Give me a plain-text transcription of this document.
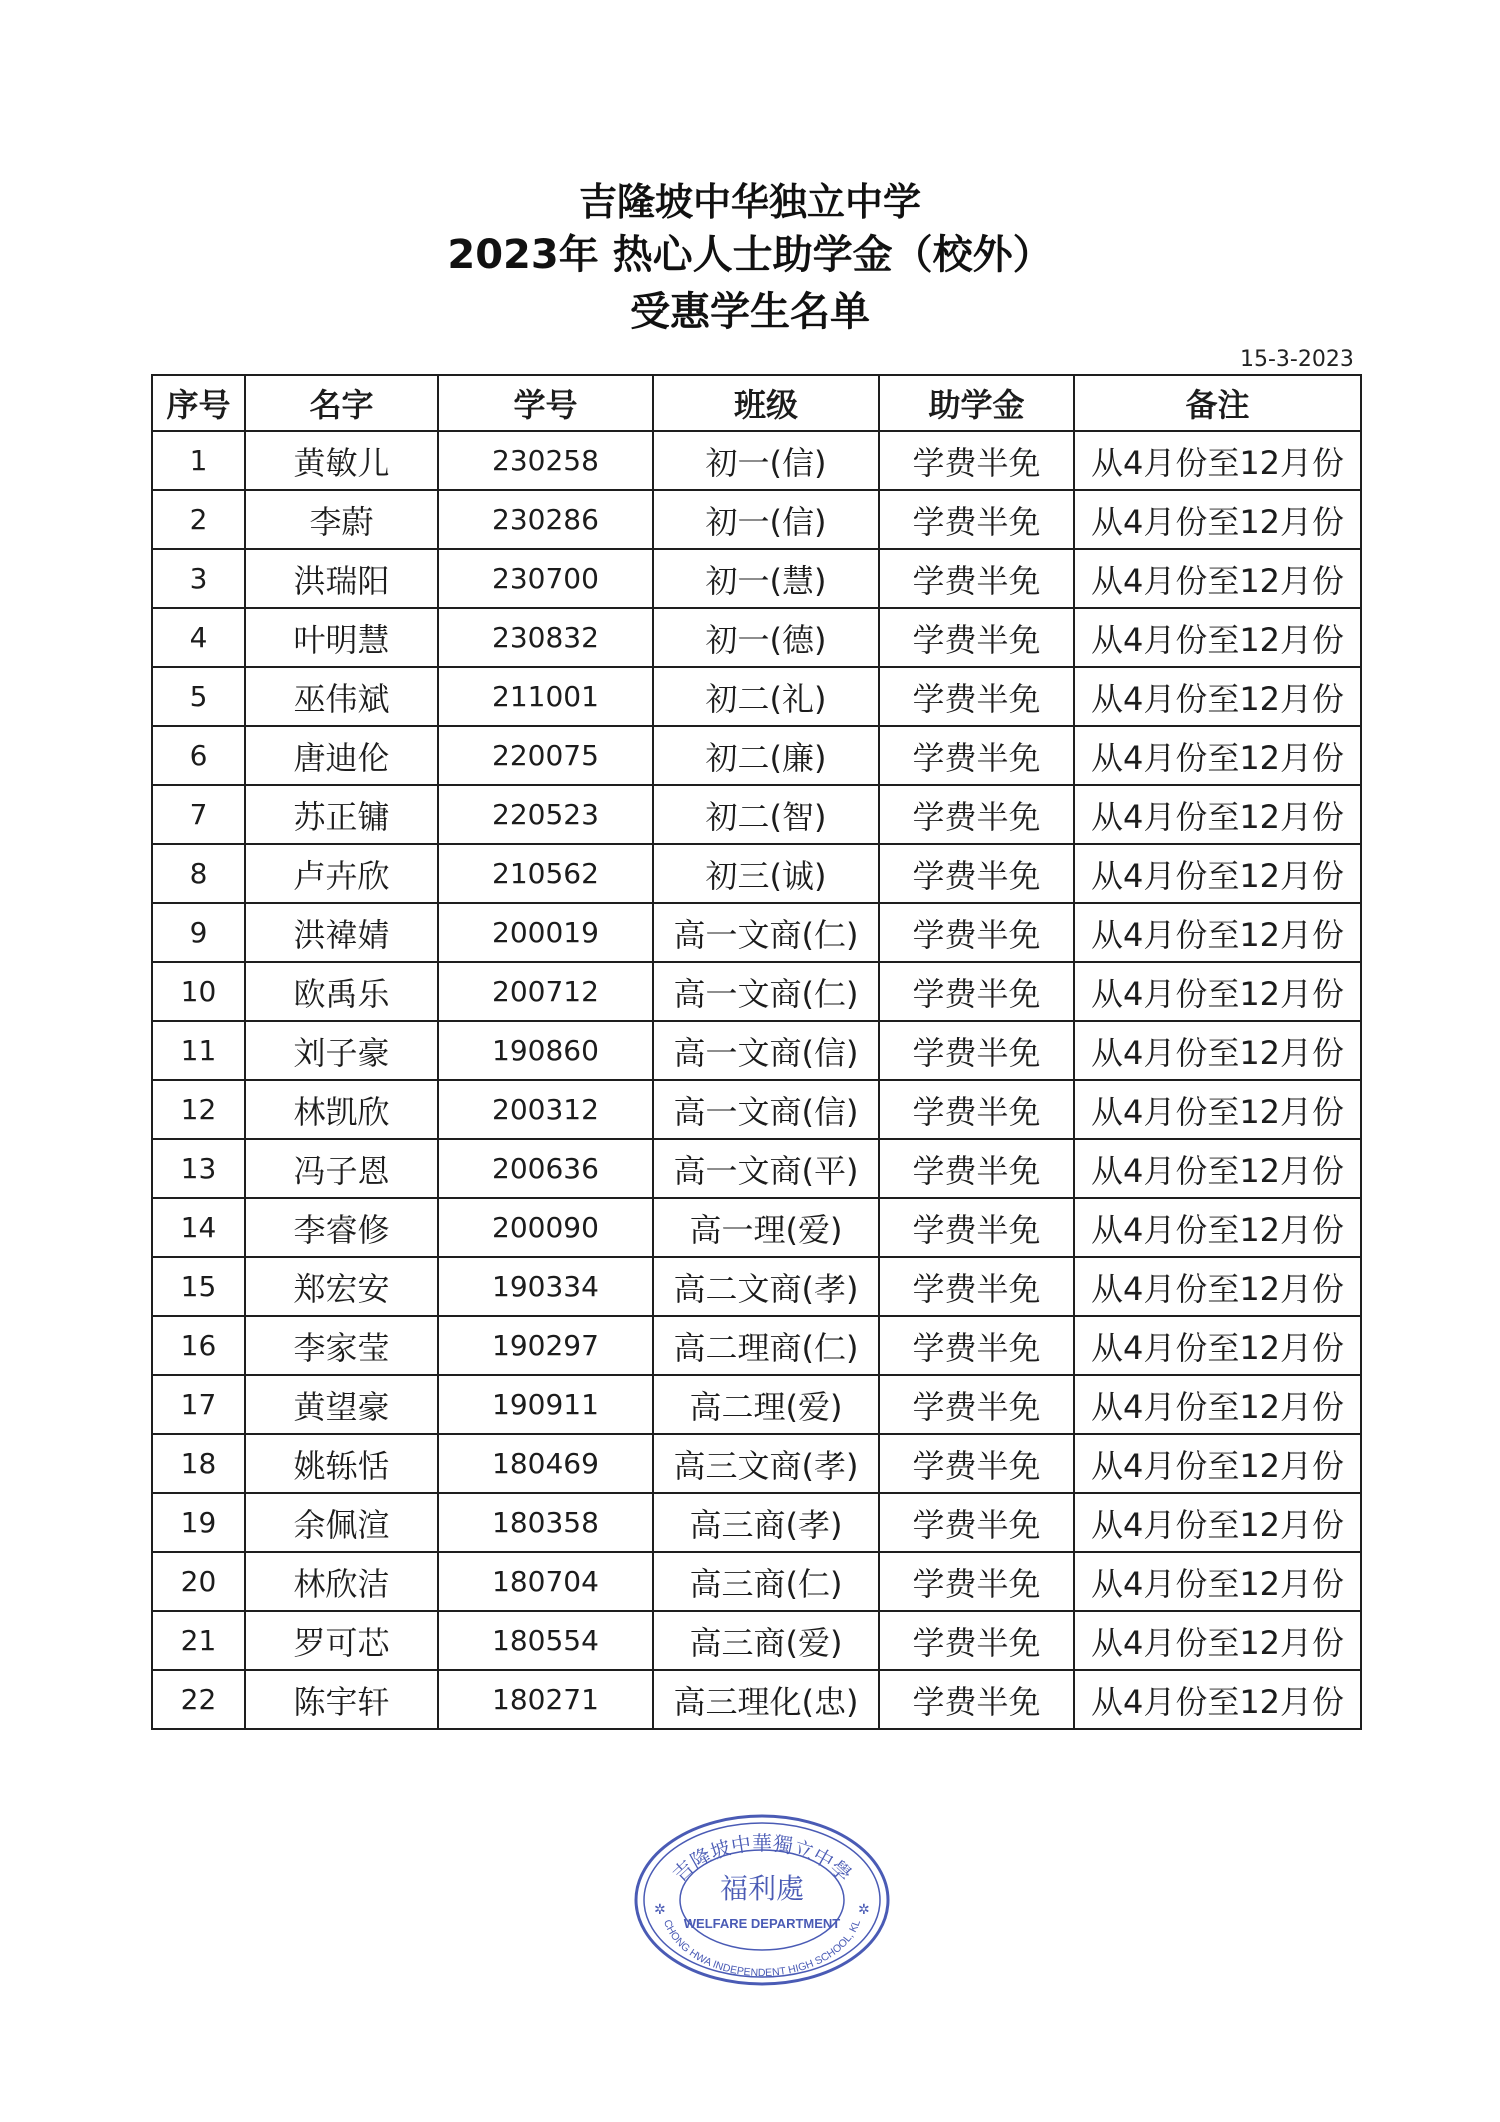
吉隆坡中华独立中学
2023年 热心人士助学金（校外）
受惠学生名单
15-3-2023
序号	名字	学号	班级	助学金	备注
1	黄敏儿	230258	初一(信)	学费半免	从4月份至12月份
2	李蔚	230286	初一(信)	学费半免	从4月份至12月份
3	洪瑞阳	230700	初一(慧)	学费半免	从4月份至12月份
4	叶明慧	230832	初一(德)	学费半免	从4月份至12月份
5	巫伟斌	211001	初二(礼)	学费半免	从4月份至12月份
6	唐迪伦	220075	初二(廉)	学费半免	从4月份至12月份
7	苏正镛	220523	初二(智)	学费半免	从4月份至12月份
8	卢卉欣	210562	初三(诚)	学费半免	从4月份至12月份
9	洪褘婧	200019	高一文商(仁)	学费半免	从4月份至12月份
10	欧禹乐	200712	高一文商(仁)	学费半免	从4月份至12月份
11	刘子豪	190860	高一文商(信)	学费半免	从4月份至12月份
12	林凯欣	200312	高一文商(信)	学费半免	从4月份至12月份
13	冯子恩	200636	高一文商(平)	学费半免	从4月份至12月份
14	李睿修	200090	高一理(爱)	学费半免	从4月份至12月份
15	郑宏安	190334	高二文商(孝)	学费半免	从4月份至12月份
16	李家莹	190297	高二理商(仁)	学费半免	从4月份至12月份
17	黄望豪	190911	高二理(爱)	学费半免	从4月份至12月份
18	姚轹恬	180469	高三文商(孝)	学费半免	从4月份至12月份
19	余佩渲	180358	高三商(孝)	学费半免	从4月份至12月份
20	林欣洁	180704	高三商(仁)	学费半免	从4月份至12月份
21	罗可芯	180554	高三商(爱)	学费半免	从4月份至12月份
22	陈宇轩	180271	高三理化(忠)	学费半免	从4月份至12月份
吉隆坡中華獨立中學
福利處
WELFARE DEPARTMENT
CHONG HWA INDEPENDENT HIGH SCHOOL, KL
✲	✲
